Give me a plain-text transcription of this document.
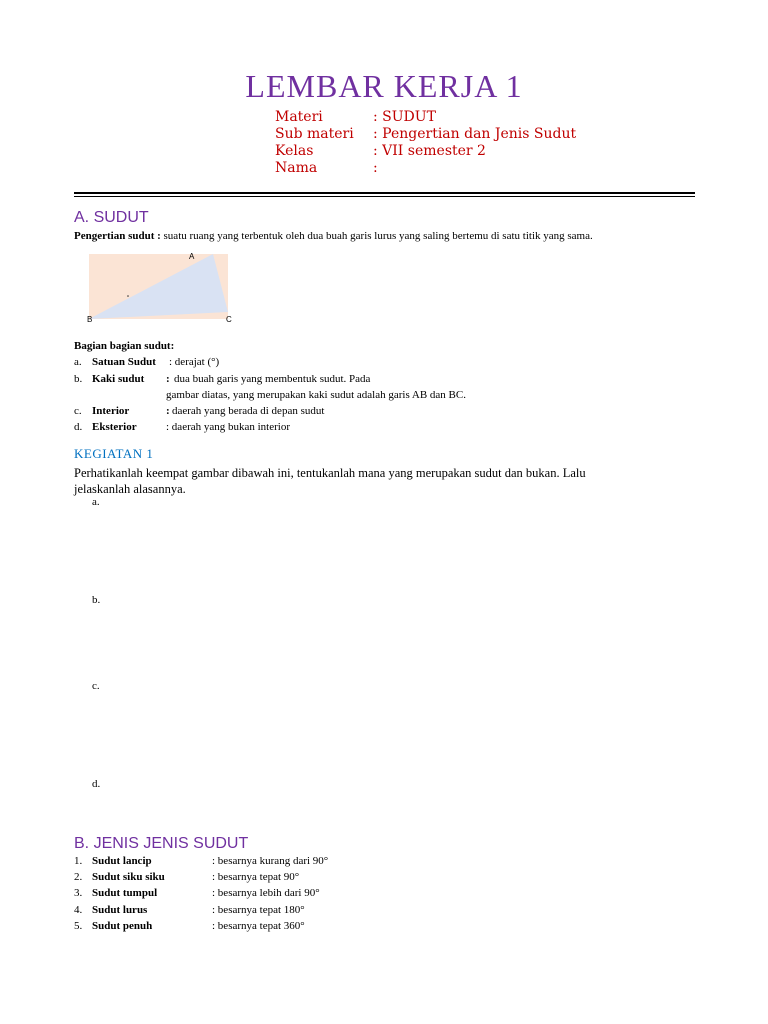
LEMBAR KERJA 1
Materi	: SUDUT
Sub materi : Pengertian dan Jenis Sudut
Kelas	: VII semester 2
Nama	:
A. SUDUT
Pengertian sudut : suatu ruang yang terbentuk oleh dua buah garis lurus yang saling bertemu di satu titik yang sama.
A
B	C
Bagian bagian sudut:
a. Satuan Sudut : derajat (°)
b. Kaki sudut : dua buah garis yang membentuk sudut. Pada
gambar diatas, yang merupakan kaki sudut adalah garis AB dan BC.
c. Interior	: daerah yang berada di depan sudut
d. Eksterior	: daerah yang bukan interior
KEGIATAN 1
Perhatikanlah keempat gambar dibawah ini, tentukanlah mana yang merupakan sudut dan bukan. Lalu
jelaskanlah alasannya.
a.
b.
c.
d.
B. JENIS JENIS SUDUT
1. Sudut lancip	: besarnya kurang dari 90°
2. Sudut siku siku	: besarnya tepat 90°
3. Sudut tumpul	: besarnya lebih dari 90°
4. Sudut lurus	: besarnya tepat 180°
5. Sudut penuh	: besarnya tepat 360°
